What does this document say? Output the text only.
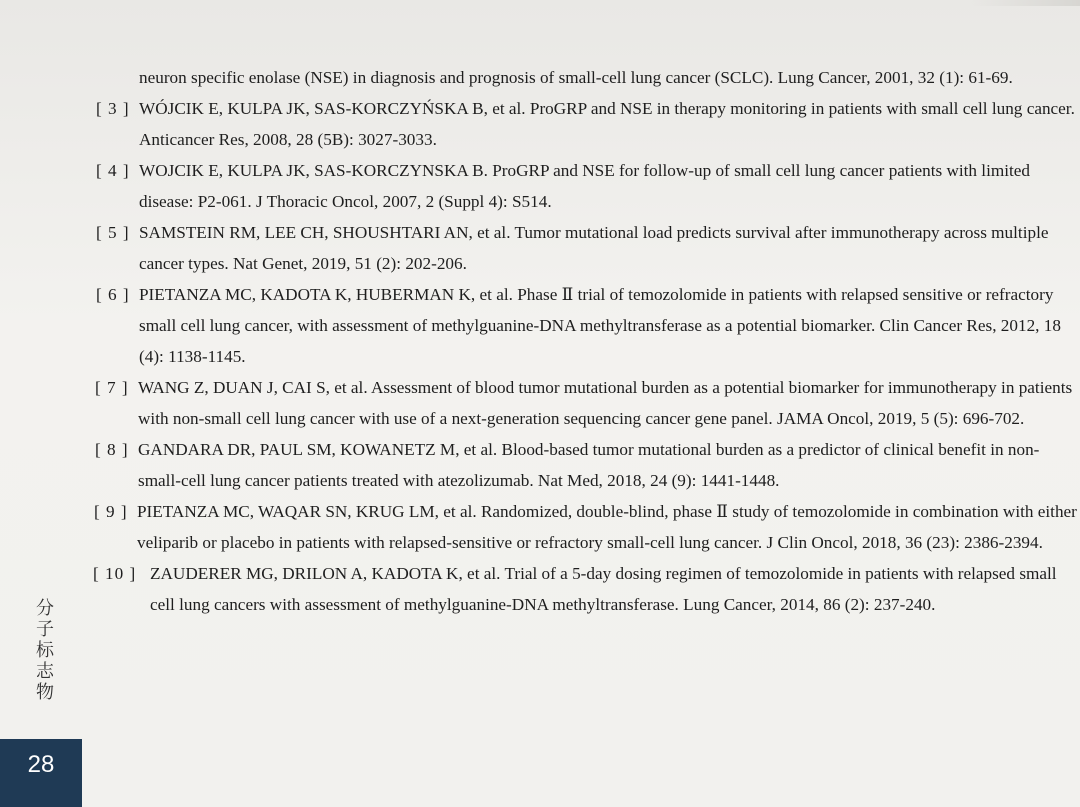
neuron specific enolase (NSE) in diagnosis and prognosis of small-cell lung cancer (SCLC). Lung Cancer, 2001, 32 (1): 61-69.
[ 3 ] WÓJCIK E, KULPA JK, SAS-KORCZYŃSKA B, et al. ProGRP and NSE in therapy monitoring in patients with small cell lung cancer. Anticancer Res, 2008, 28 (5B): 3027-3033.
[ 4 ] WOJCIK E, KULPA JK, SAS-KORCZYNSKA B. ProGRP and NSE for follow-up of small cell lung cancer patients with limited disease: P2-061. J Thoracic Oncol, 2007, 2 (Suppl 4): S514.
[ 5 ] SAMSTEIN RM, LEE CH, SHOUSHTARI AN, et al. Tumor mutational load predicts survival after immunotherapy across multiple cancer types. Nat Genet, 2019, 51 (2): 202-206.
[ 6 ] PIETANZA MC, KADOTA K, HUBERMAN K, et al. Phase Ⅱ trial of temozolomide in patients with relapsed sensitive or refractory small cell lung cancer, with assessment of methylguanine-DNA methyltransferase as a potential biomarker. Clin Cancer Res, 2012, 18 (4): 1138-1145.
[ 7 ] WANG Z, DUAN J, CAI S, et al. Assessment of blood tumor mutational burden as a potential biomarker for immunotherapy in patients with non-small cell lung cancer with use of a next-generation sequencing cancer gene panel. JAMA Oncol, 2019, 5 (5): 696-702.
[ 8 ] GANDARA DR, PAUL SM, KOWANETZ M, et al. Blood-based tumor mutational burden as a predictor of clinical benefit in non-small-cell lung cancer patients treated with atezolizumab. Nat Med, 2018, 24 (9): 1441-1448.
[ 9 ] PIETANZA MC, WAQAR SN, KRUG LM, et al. Randomized, double-blind, phase Ⅱ study of temozolomide in combination with either veliparib or placebo in patients with relapsed-sensitive or refractory small-cell lung cancer. J Clin Oncol, 2018, 36 (23): 2386-2394.
[ 10 ] ZAUDERER MG, DRILON A, KADOTA K, et al. Trial of a 5-day dosing regimen of temozolomide in patients with relapsed small cell lung cancers with assessment of methylguanine-DNA methyltransferase. Lung Cancer, 2014, 86 (2): 237-240.
分子标志物
28
